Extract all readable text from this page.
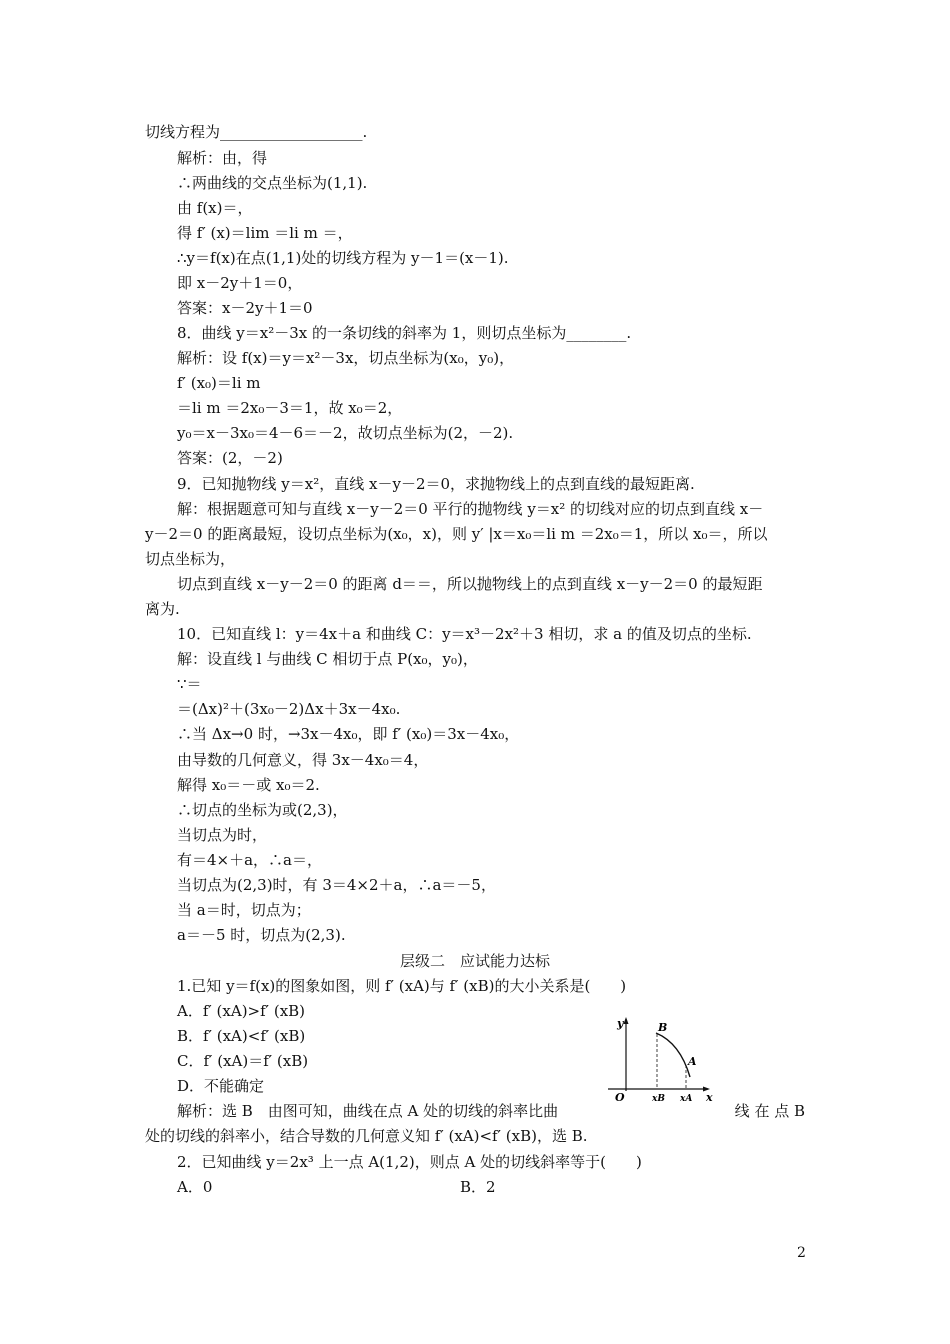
切线方程为___________________.
解析：由，得
∴两曲线的交点坐标为(1,1).
由 f(x)＝，
得 f′ (x)＝lim ＝li m ＝，
∴y＝f(x)在点(1,1)处的切线方程为 y－1＝(x－1).
即 x－2y＋1＝0，
答案：x－2y＋1＝0
8．曲线 y＝x²－3x 的一条切线的斜率为 1，则切点坐标为________.
解析：设 f(x)＝y＝x²－3x，切点坐标为(x₀，y₀)，
f′ (x₀)＝li m
＝li m ＝2x₀－3＝1，故 x₀＝2，
y₀＝x－3x₀＝4－6＝－2，故切点坐标为(2，－2).
答案：(2，－2)
9．已知抛物线 y＝x²，直线 x－y－2＝0，求抛物线上的点到直线的最短距离.
解：根据题意可知与直线 x－y－2＝0 平行的抛物线 y＝x² 的切线对应的切点到直线 x－
y－2＝0 的距离最短，设切点坐标为(x₀，x)，则 y′ |x＝x₀＝li m ＝2x₀＝1，所以 x₀＝，所以
切点坐标为，
切点到直线 x－y－2＝0 的距离 d＝＝，所以抛物线上的点到直线 x－y－2＝0 的最短距
离为.
10．已知直线 l：y＝4x＋a 和曲线 C：y＝x³－2x²＋3 相切，求 a 的值及切点的坐标.
解：设直线 l 与曲线 C 相切于点 P(x₀，y₀)，
∵＝
＝(Δx)²＋(3x₀－2)Δx＋3x－4x₀.
∴当 Δx→0 时，→3x－4x₀，即 f′ (x₀)＝3x－4x₀，
由导数的几何意义，得 3x－4x₀＝4，
解得 x₀＝－或 x₀＝2.
∴切点的坐标为或(2,3)，
当切点为时，
有＝4×＋a，∴a＝，
当切点为(2,3)时，有 3＝4×2＋a，∴a＝－5，
当 a＝时，切点为；
a＝－5 时，切点为(2,3).
层级二　应试能力达标
1.已知 y＝f(x)的图象如图，则 f′ (xA)与 f′ (xB)的大小关系是(　　)
A．f′ (xA)>f′ (xB)
B．f′ (xA)<f′ (xB)
C．f′ (xA)＝f′ (xB)
D．不能确定
解析：选 B　由图可知，曲线在点 A 处的切线的斜率比曲	线 在 点 B
处的切线的斜率小，结合导数的几何意义知 f′ (xA)<f′ (xB)，选 B.
2．已知曲线 y＝2x³ 上一点 A(1,2)，则点 A 处的切线斜率等于(　　)
A．0	B．2
y
x
O
B
A
xB xA
2
